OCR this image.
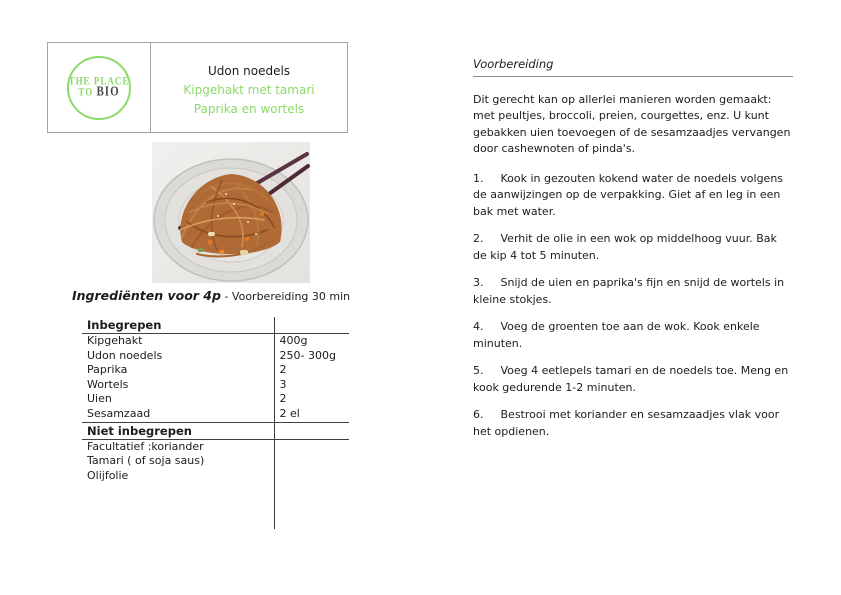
THE PLACE
TO BIO
Udon noedels
Kipgehakt met tamari
Paprika en wortels
Ingrediënten voor 4p - Voorbereiding 30 min
Inbegrepen	
Kipgehakt	400g
Udon noedels	250- 300g
Paprika	2
Wortels	3
Uien	2
Sesamzaad	2 el
Niet inbegrepen	
Facultatief :koriander	
Tamari ( of soja saus)	
Olijfolie	

Voorbereiding

Dit gerecht kan op allerlei manieren worden gemaakt: met peultjes, broccoli, preien, courgettes, enz. U kunt gebakken uien toevoegen of de sesamzaadjes vervangen door cashewnoten of pinda's.

1. Kook in gezouten kokend water de noedels volgens de aanwijzingen op de verpakking. Giet af en leg in een bak met water.

2. Verhit de olie in een wok op middelhoog vuur. Bak de kip 4 tot 5 minuten.

3. Snijd de uien en paprika's fijn en snijd de wortels in kleine stokjes.

4. Voeg de groenten toe aan de wok. Kook enkele minuten.

5. Voeg 4 eetlepels tamari en de noedels toe. Meng en kook gedurende 1-2 minuten.

6. Bestrooi met koriander en sesamzaadjes vlak voor het opdienen.
